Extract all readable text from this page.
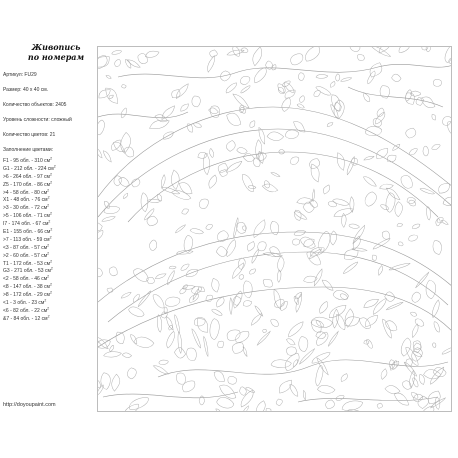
Живопись
по номерам
Артикул: FU29
Размер: 40 х 40 см.
Количество объектов: 2405
Уровень сложности: сложный
Количество цветов: 21
Заполнение цветами:
F1 - 95 обл. - 310 $см^2$
G1 - 212 обл. - 224 $см^2$
>6 - 264 обл. - 97 $см^2$
Z5 - 170 обл. - 86 $см^2$
>4 - 58 обл. - 80 $см^2$
X1 - 48 обл. - 76 $см^2$
>3 - 30 обл. - 72 $см^2$
>5 - 106 обл. - 71 $см^2$
I7 - 174 обл. - 67 $см^2$
E1 - 155 обл. - 66 $см^2$
>7 - 113 обл. - 59 $см^2$
<3 - 87 обл. - 57 $см^2$
>2 - 60 обл. - 57 $см^2$
T1 - 172 обл. - 53 $см^2$
G3 - 271 обл. - 53 $см^2$
<2 - 58 обл. - 46 $см^2$
<8 - 147 обл. - 38 $см^2$
>8 - 172 обл. - 29 $см^2$
<1 - 3 обл. - 23 $см^2$
<6 - 82 обл. - 22 $см^2$
&7 - 84 обл. - 12 $см^2$
http://doyoupaint.com
